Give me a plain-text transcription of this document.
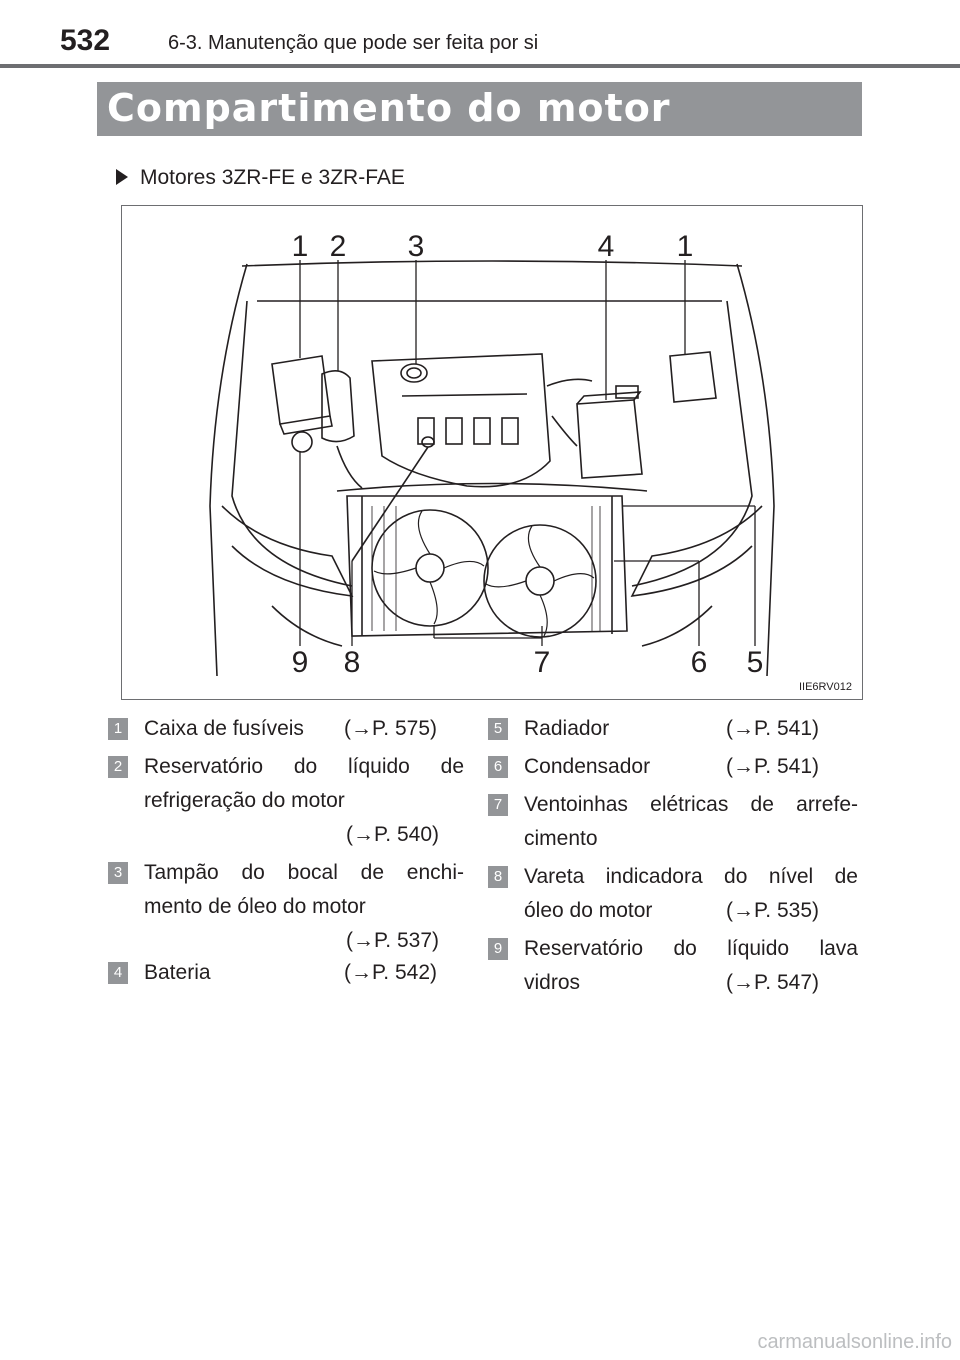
532	6-3. Manutenção que pode ser feita por si
Compartimento do motor
Motores 3ZR-FE e 3ZR-FAE
1 2 3	4 1
9 8	7	6 5
IIE6RV012
1 Caixa de fusíveis (→P. 575)
2 Reservatório do líquido de
refrigeração do motor
(→P. 540)
3 Tampão do bocal de enchi-
mento de óleo do motor
(→P. 537)
4 Bateria	(→P. 542)
5 Radiador	(→P. 541)
6 Condensador	(→P. 541)
7 Ventoinhas elétricas de arrefe-
cimento
8 Vareta indicadora do nível de
óleo do motor	(→P. 535)
9 Reservatório do líquido lava
vidros	(→P. 547)
carmanualsonline.info
